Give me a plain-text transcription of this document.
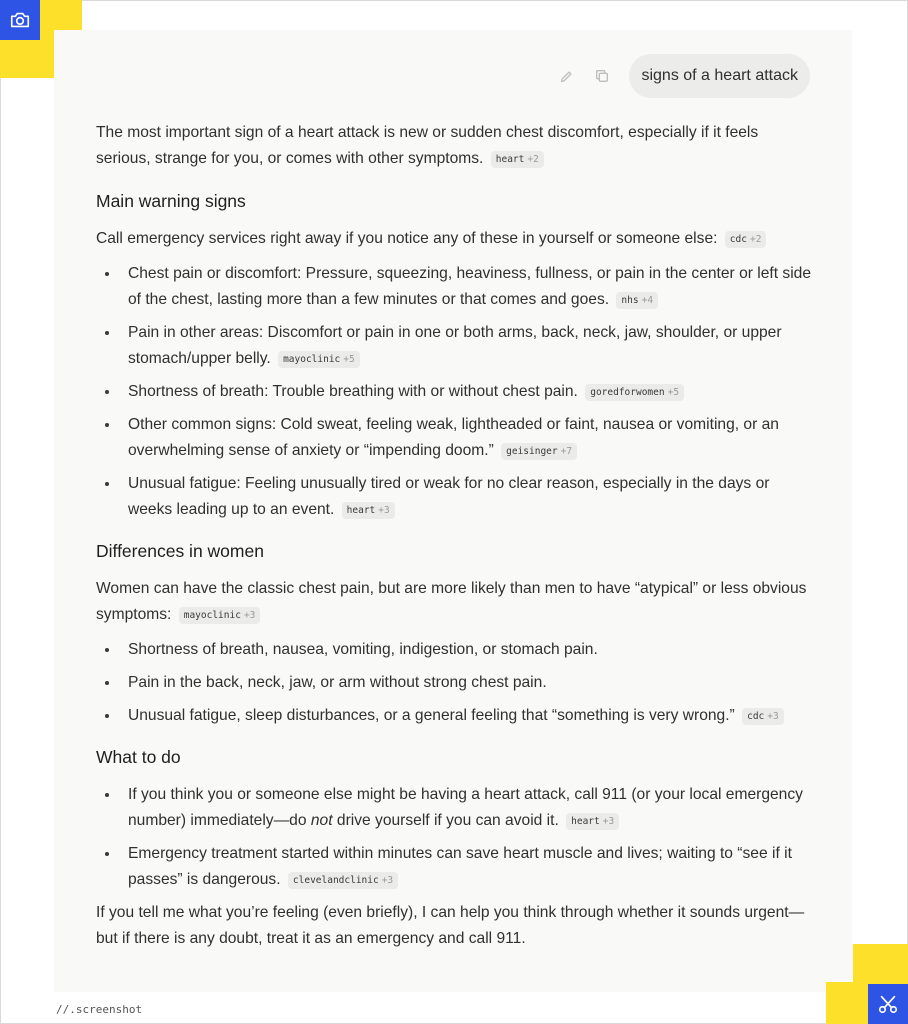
signs of a heart attack

The most important sign of a heart attack is new or sudden chest discomfort, especially if it feels serious, strange for you, or comes with other symptoms. heart +2

Main warning signs

Call emergency services right away if you notice any of these in yourself or someone else: cdc +2

Chest pain or discomfort: Pressure, squeezing, heaviness, fullness, or pain in the center or left side of the chest, lasting more than a few minutes or that comes and goes. nhs +4
Pain in other areas: Discomfort or pain in one or both arms, back, neck, jaw, shoulder, or upper stomach/upper belly. mayoclinic +5
Shortness of breath: Trouble breathing with or without chest pain. goredforwomen +5
Other common signs: Cold sweat, feeling weak, lightheaded or faint, nausea or vomiting, or an overwhelming sense of anxiety or “impending doom.” geisinger +7
Unusual fatigue: Feeling unusually tired or weak for no clear reason, especially in the days or weeks leading up to an event. heart +3
Differences in women

Women can have the classic chest pain, but are more likely than men to have “atypical” or less obvious symptoms: mayoclinic +3

Shortness of breath, nausea, vomiting, indigestion, or stomach pain.
Pain in the back, neck, jaw, or arm without strong chest pain.
Unusual fatigue, sleep disturbances, or a general feeling that “something is very wrong.” cdc +3
What to do
If you think you or someone else might be having a heart attack, call 911 (or your local emergency number) immediately—do not drive yourself if you can avoid it. heart +3
Emergency treatment started within minutes can save heart muscle and lives; waiting to “see if it passes” is dangerous. clevelandclinic +3

If you tell me what you’re feeling (even briefly), I can help you think through whether it sounds urgent—but if there is any doubt, treat it as an emergency and call 911.

//.screenshot
